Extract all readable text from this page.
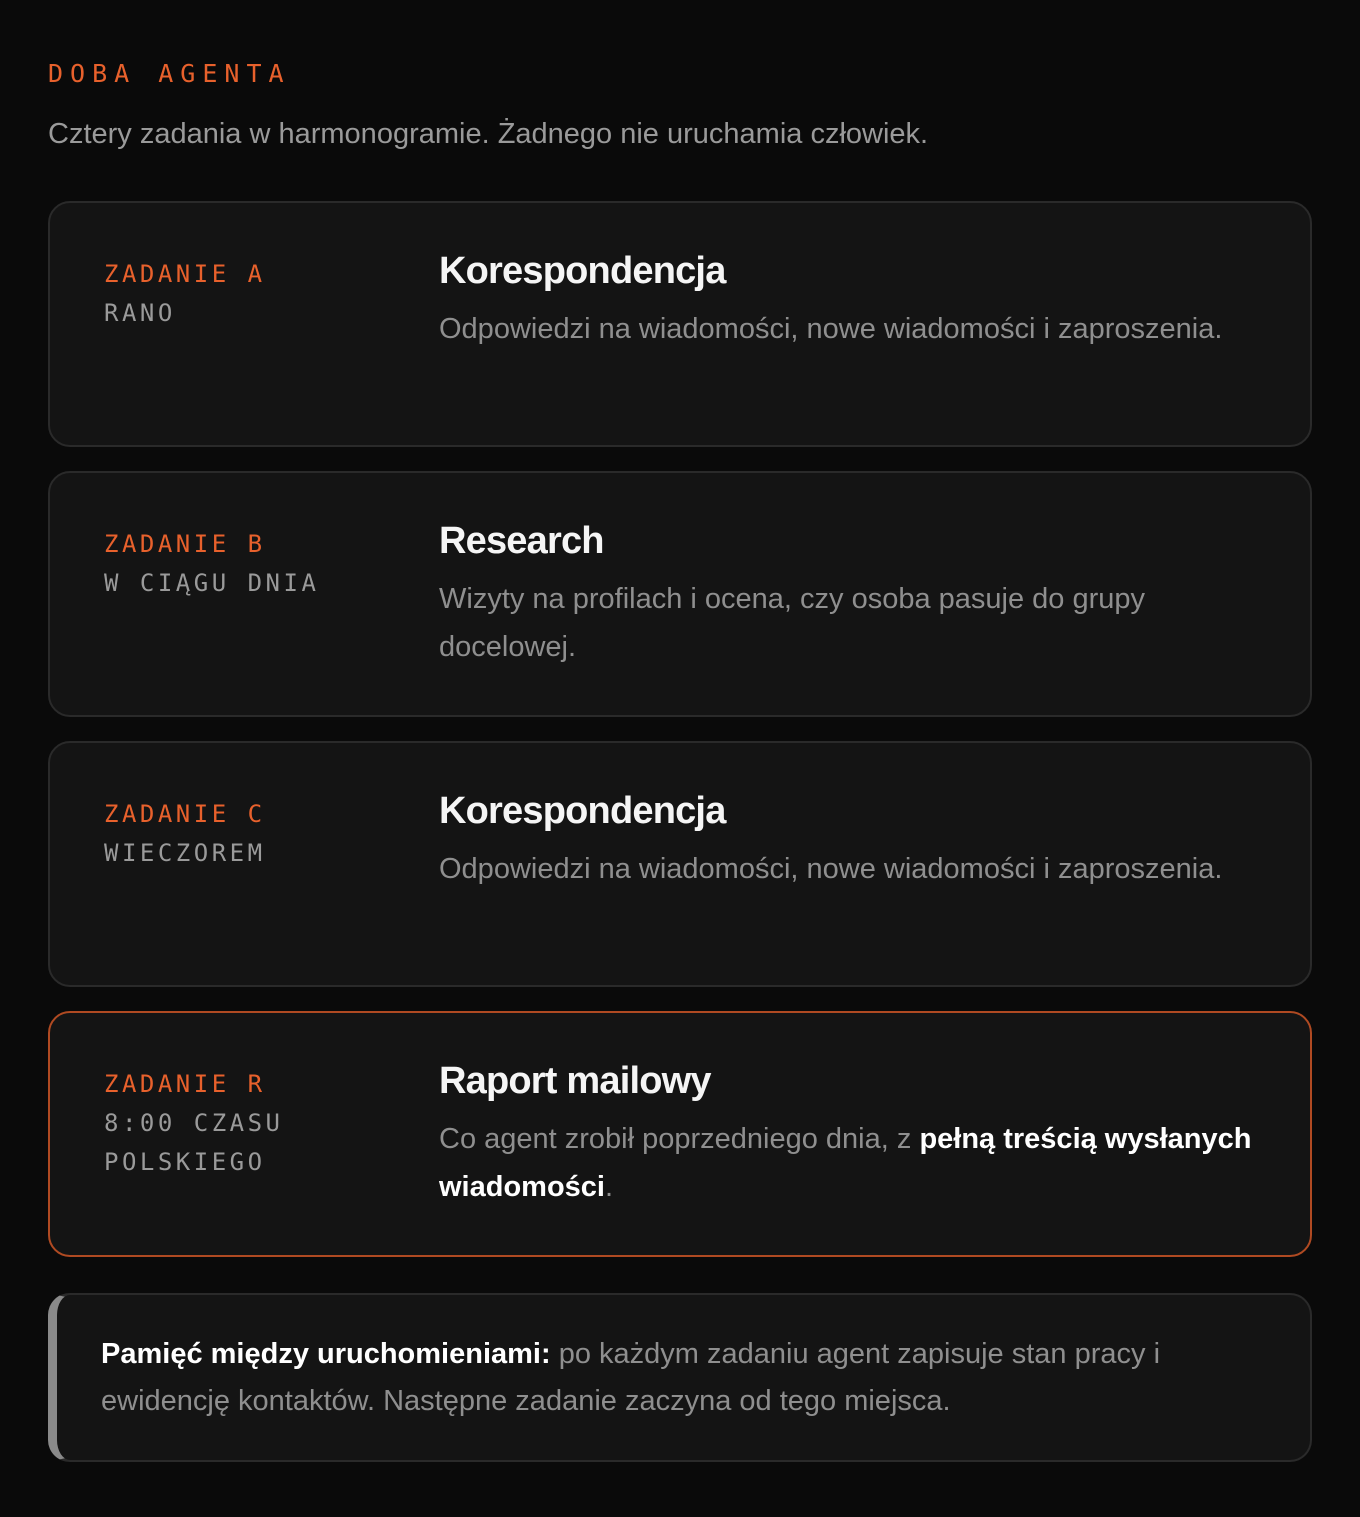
DOBA AGENTA

Cztery zadania w harmonogramie. Żadnego nie uruchamia człowiek.

ZADANIE A
RANO
Korespondencja

Odpowiedzi na wiadomości, nowe wiadomości i zaproszenia.

ZADANIE B
W CIĄGU DNIA
Research

Wizyty na profilach i ocena, czy osoba pasuje do grupy docelowej.

ZADANIE C
WIECZOREM
Korespondencja

Odpowiedzi na wiadomości, nowe wiadomości i zaproszenia.

ZADANIE R
8:00 CZASU
POLSKIEGO
Raport mailowy

Co agent zrobił poprzedniego dnia, z pełną treścią wysłanych wiadomości.

Pamięć między uruchomieniami: po każdym zadaniu agent zapisuje stan pracy i ewidencję kontaktów. Następne zadanie zaczyna od tego miejsca.
